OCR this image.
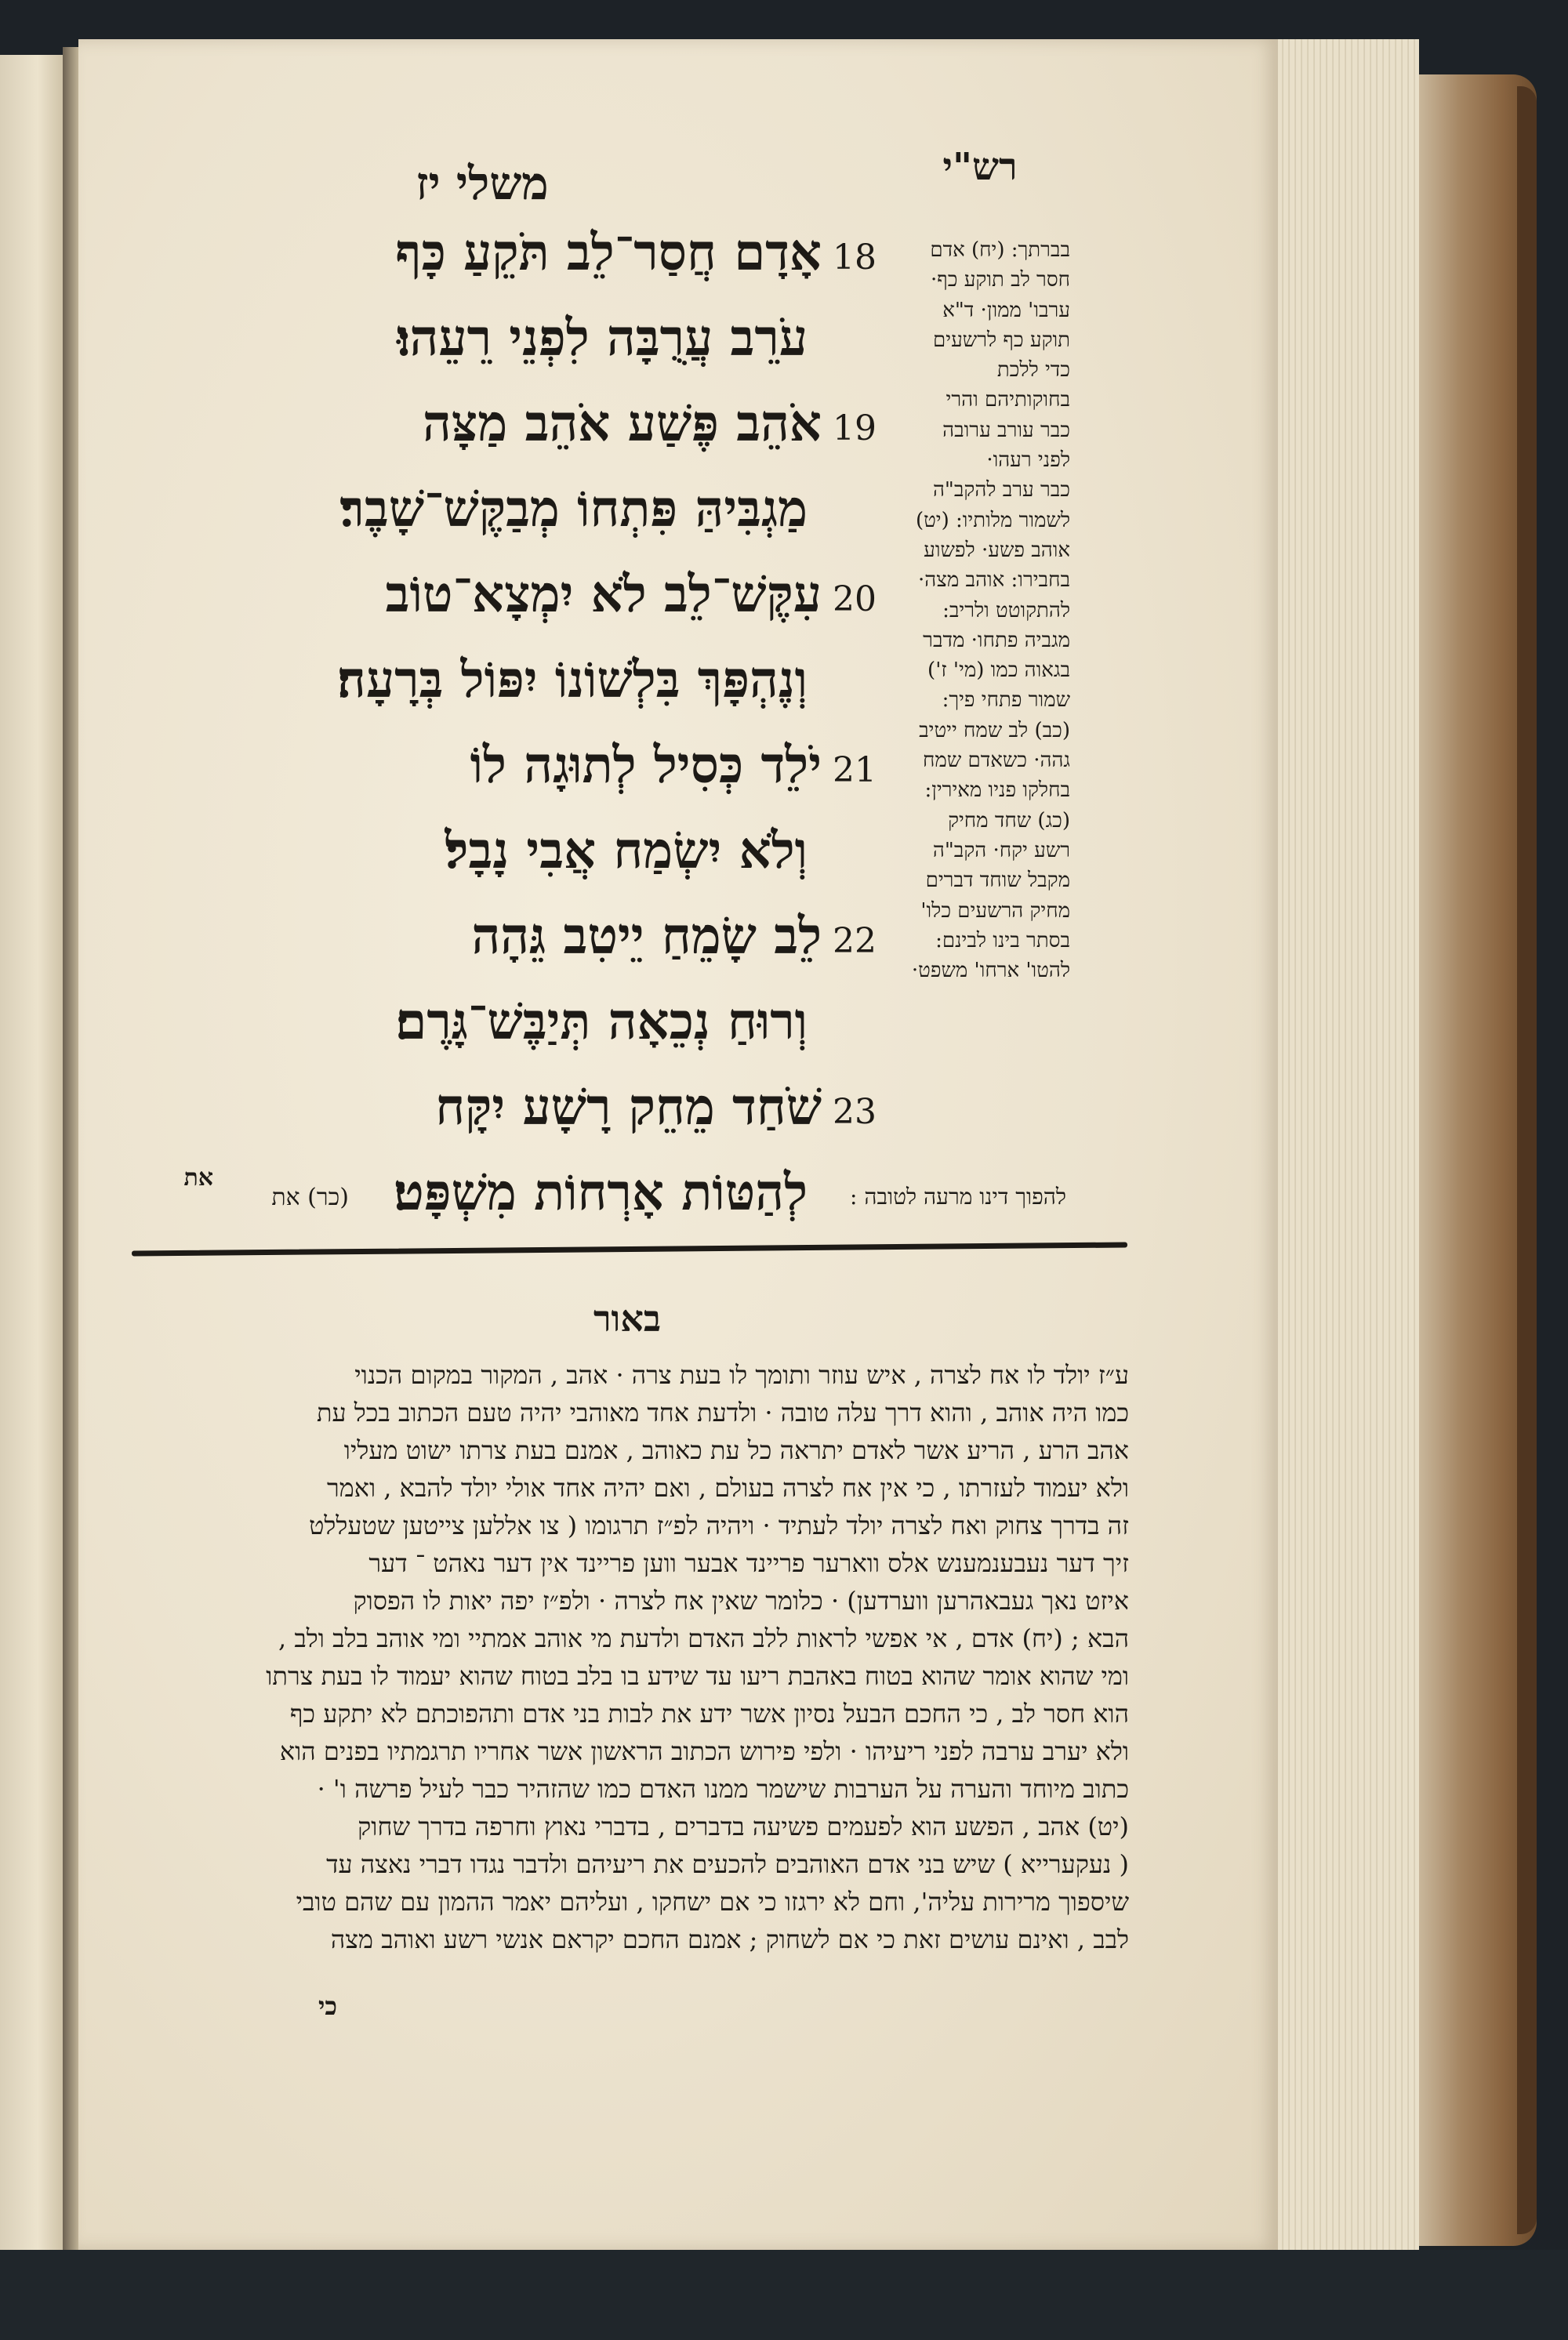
רש"י
משלי יז
18
אָדָם חֲסַר־לֵב תֹּקֵעַ כָּף
עֹרֵב עֲרֻבָּה לִפְנֵי רֵעֵהוּ׃
19
אֹהֵב פֶּשַׁע אֹהֵב מַצָּה
מַגְבִּיהַּ פִּתְחוֹ מְבַקֶּשׁ־שָׁבֶר׃
20
עִקֶּשׁ־לֵב לֹא יִמְצָא־טוֹב
וְנֶהְפָּךְ בִּלְשׁוֹנוֹ יִפּוֹל בְּרָעָה׃
21
יֹלֵד כְּסִיל לְתוּגָה לוֹ
וְלֹא יִשְׂמַח אֲבִי נָבָל׃
22
לֵב שָׂמֵחַ יֵיטִב גֵּהָה
וְרוּחַ נְכֵאָה תְּיַבֶּשׁ־גָּרֶם׃
23
שֹׁחַד מֵחֵק רָשָׁע יִקָּח
לְהַטּוֹת אָרְחוֹת מִשְׁפָּט׃
בברתך: (יח) אדם
חסר לב תוקע כף·
ערבו' ממון· ד"א
תוקע כף לרשעים
כדי ללכת
בחוקותיהם והרי
כבר עורב ערובה
לפני רעהו·
כבר ערב להקב"ה
לשמור מלותיו: (יט)
אוהב פשע· לפשוע
בחבירו: אוהב מצה·
להתקוטט ולריב:
מגביה פתחו· מדבר
בגאוה כמו (מי' ז')
שמור פתחי פיך:
(כב) לב שמח ייטיב
גהה· כשאדם שמח
בחלקו פניו מאירין:
(כג) שחד מחיק
רשע יקח· הקב"ה
מקבל שוחד דברים
מחיק הרשעים כלו'
בסתר בינו לבינם:
להטו' ארחו' משפט·
את
(כר) את	להפוך דינו מרעה לטובה :
באור
ע״ז יולד לו אח לצרה , איש עוזר ותומך לו בעת צרה · אהב , המקור במקום הכנוי
כמו היה אוהב , והוא דרך עלה טובה · ולדעת אחד מאוהבי יהיה טעם הכתוב בכל עת
אהב הרע , הריע אשר לאדם יתראה כל עת כאוהב , אמנם בעת צרתו ישוט מעליו
ולא יעמוד לעזרתו , כי אין אח לצרה בעולם , ואם יהיה אחד אולי יולד להבא , ואמר
זה בדרך צחוק ואח לצרה יולד לעתיד · ויהיה לפ״ז תרגומו ( צו אללען צייטען שטעללט
זיך דער נעבענמענש אלס ווארער פריינד אבער ווען פריינד אין דער נאהט ־ דער
איזט נאך געבאהרען ווערדען) · כלומר שאין אח לצרה · ולפ״ז יפה יאות לו הפסוק
הבא ; (יח) אדם , אי אפשי לראות ללב האדם ולדעת מי אוהב אמתיי ומי אוהב בלב ולב ,
ומי שהוא אומר שהוא בטוח באהבת ריעו עד שידע בו בלב בטוח שהוא יעמוד לו בעת צרתו
הוא חסר לב , כי החכם הבעל נסיון אשר ידע את לבות בני אדם ותהפוכתם לא יתקע כף
ולא יערב ערבה לפני ריעיהו · ולפי פירוש הכתוב הראשון אשר אחריו תרגמתיו בפנים הוא
כתוב מיוחד והערה על הערבות שישמר ממנו האדם כמו שהזהיר כבר לעיל פרשה ו' ·
(יט) אהב , הפשע הוא לפעמים פשיעה בדברים , בדברי נאוץ וחרפה בדרך שחוק
( נעקערייא ) שיש בני אדם האוהבים להכעים את ריעיהם ולדבר נגדו דברי נאצה עד
שיספוך מרירות עליה', וחם לא ירגזו כי אם ישחקו , ועליהם יאמר ההמון עם שהם טובי
לבב , ואינם עושים זאת כי אם לשחוק ; אמנם החכם יקראם אנשי רשע ואוהב מצה
כי
